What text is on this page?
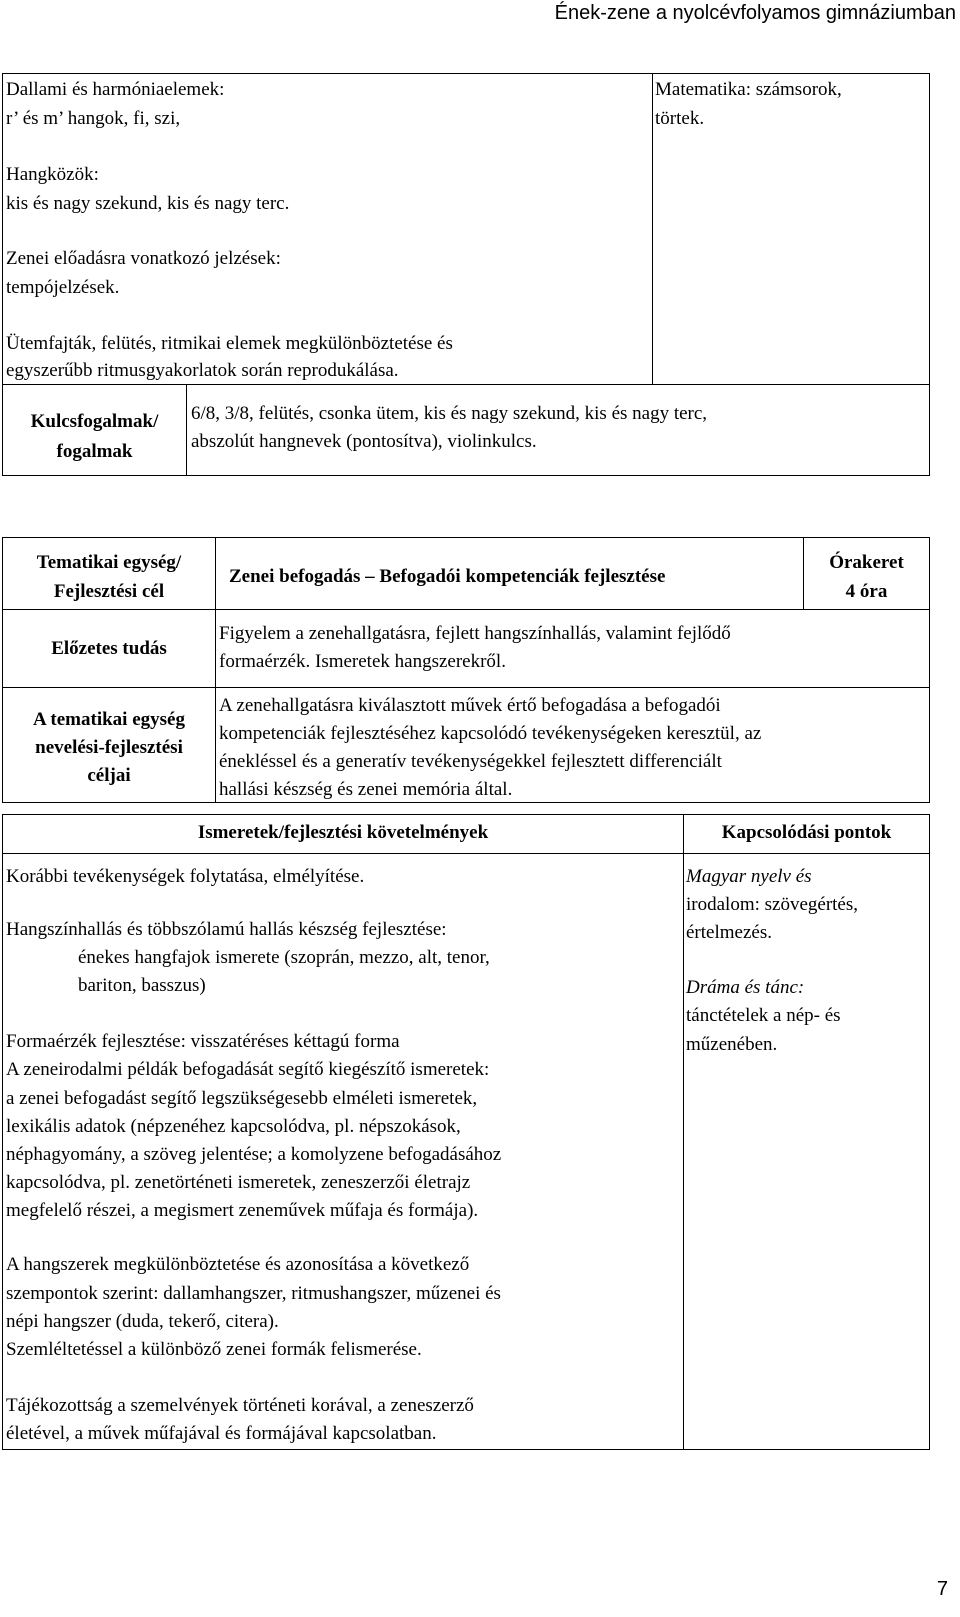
Ének-zene a nyolcévfolyamos gimnáziumban
Dallami és harmóniaelemek:
r’ és m’ hangok, fi, szi,
Hangközök:
kis és nagy szekund, kis és nagy terc.
Zenei előadásra vonatkozó jelzések:
tempójelzések.
Ütemfajták, felütés, ritmikai elemek megkülönböztetése és
egyszerűbb ritmusgyakorlatok során reprodukálása.
Matematika: számsorok,
törtek.
Kulcsfogalmak/
fogalmak
6/8, 3/8, felütés, csonka ütem, kis és nagy szekund, kis és nagy terc,
abszolút hangnevek (pontosítva), violinkulcs.
Tematikai egység/
Fejlesztési cél
Zenei befogadás – Befogadói kompetenciák fejlesztése
Órakeret
4 óra
Előzetes tudás
Figyelem a zenehallgatásra, fejlett hangszínhallás, valamint fejlődő
formaérzék. Ismeretek hangszerekről.
A tematikai egység
nevelési-fejlesztési
céljai
A zenehallgatásra kiválasztott művek értő befogadása a befogadói
kompetenciák fejlesztéséhez kapcsolódó tevékenységeken keresztül, az
énekléssel és a generatív tevékenységekkel fejlesztett differenciált
hallási készség és zenei memória által.
Ismeretek/fejlesztési követelmények	Kapcsolódási pontok
Korábbi tevékenységek folytatása, elmélyítése.
Hangszínhallás és többszólamú hallás készség fejlesztése:
énekes hangfajok ismerete (szoprán, mezzo, alt, tenor,
bariton, basszus)
Formaérzék fejlesztése: visszatéréses kéttagú forma
A zeneirodalmi példák befogadását segítő kiegészítő ismeretek:
a zenei befogadást segítő legszükségesebb elméleti ismeretek,
lexikális adatok (népzenéhez kapcsolódva, pl. népszokások,
néphagyomány, a szöveg jelentése; a komolyzene befogadásához
kapcsolódva, pl. zenetörténeti ismeretek, zeneszerzői életrajz
megfelelő részei, a megismert zeneművek műfaja és formája).
A hangszerek megkülönböztetése és azonosítása a következő
szempontok szerint: dallamhangszer, ritmushangszer, műzenei és
népi hangszer (duda, tekerő, citera).
Szemléltetéssel a különböző zenei formák felismerése.
Tájékozottság a szemelvények történeti korával, a zeneszerző
életével, a művek műfajával és formájával kapcsolatban.
Magyar nyelv és
irodalom: szövegértés,
értelmezés.
Dráma és tánc:
tánctételek a nép- és
műzenében.
7
